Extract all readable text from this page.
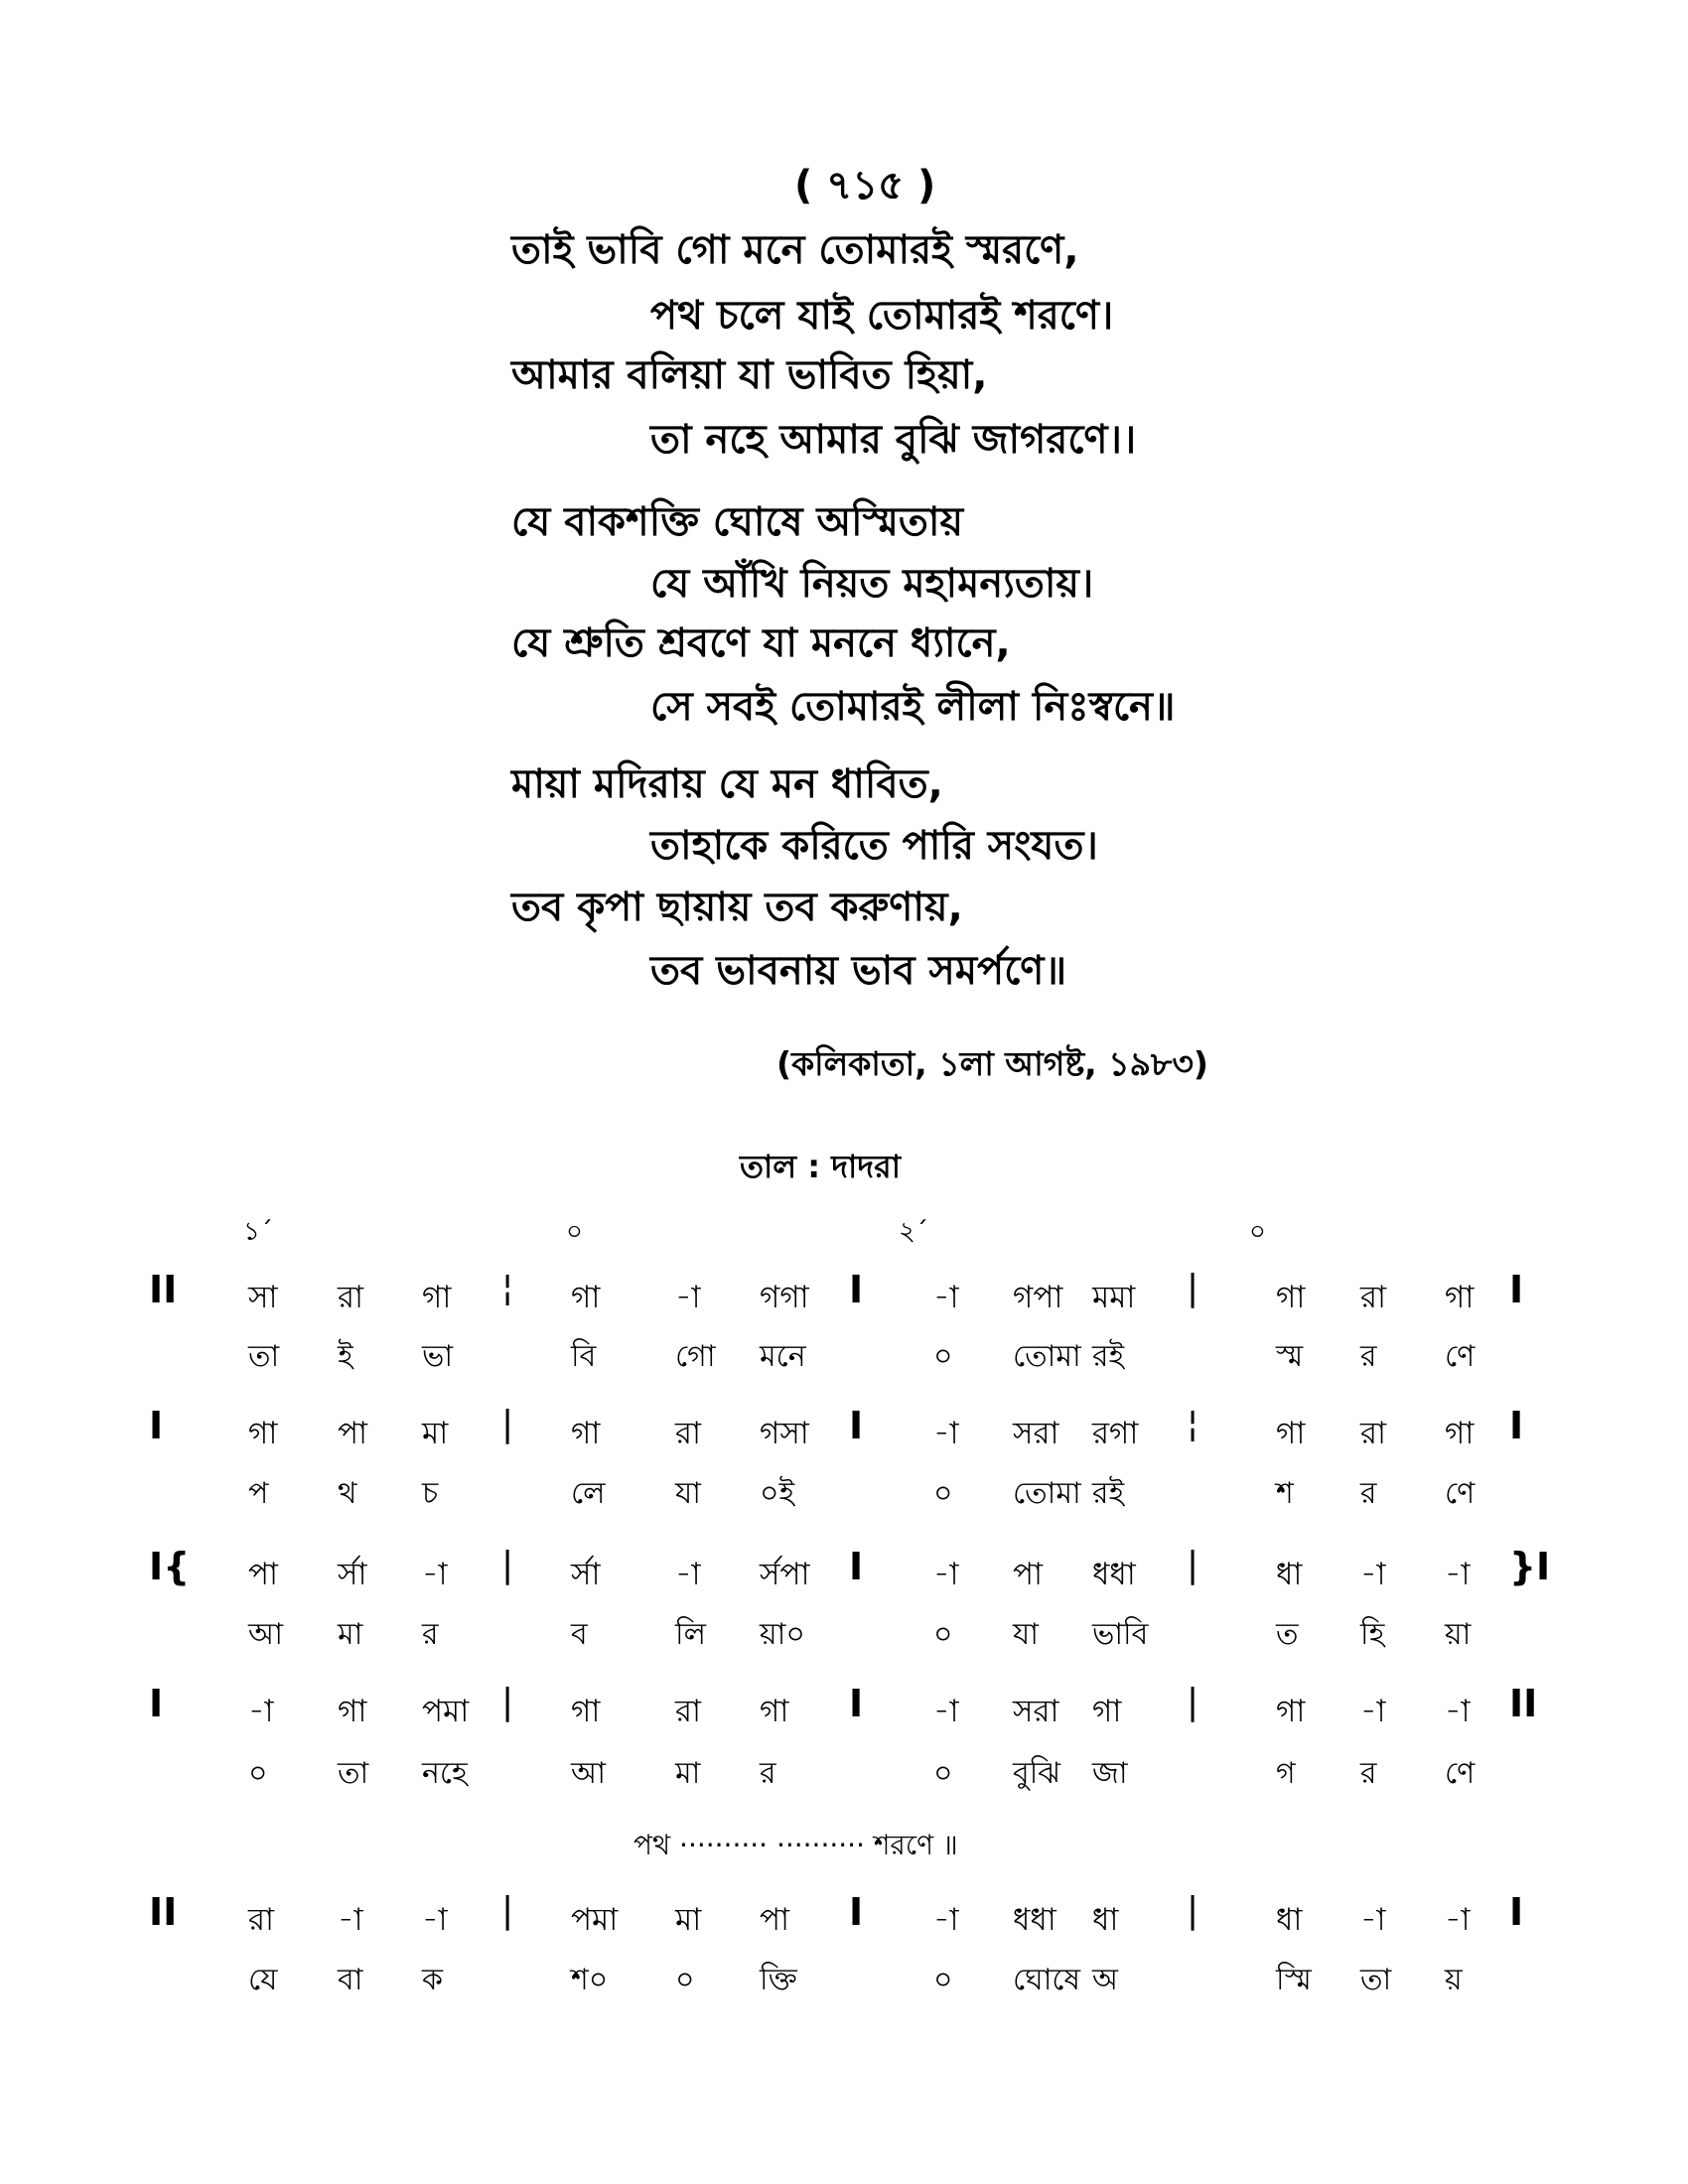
( ৭১৫ )
তাই ভাবি গো মনে তোমারই স্মরণে,
পথ চলে যাই তোমারই শরণে।
আমার বলিয়া যা ভাবিত হিয়া,
তা নহে আমার বুঝি জাগরণে।।
যে বাকশক্তি ঘোষে অস্মিতায়
যে আঁখি নিয়ত মহামন্যতায়।
যে শ্রুতি শ্রবণে যা মননে ধ্যানে,
সে সবই তোমারই লীলা নিঃস্বনে॥
মায়া মদিরায় যে মন ধাবিত,
তাহাকে করিতে পারি সংযত।
তব কৃপা ছায়ায় তব করুণায়,
তব ভাবনায় ভাব সমর্পণে॥
(কলিকাতা, ১লা আগষ্ট, ১৯৮৩)
তাল : দাদরা
১´	০	২´	০
II	¦	I	|	I
সা রা গা	গা -া গগা	-া গপা মমা	গা রা গা
তা ই ভা	বি	গো মনে	০ তোমা রই	স্ম র ণে
I	|	I	¦	I
গা পা মা	গা রা গসা	-া সরা রগা	গা রা গা
প থ চ	লে যা ০ই	০ তোমা রই	শ র ণে
I{	|	I	|	}I
পা র্সা -া	র্সা -া র্সপা	-া পা ধধা	ধা -া -া
আ মা র	ব	লি য়া০	০ যা ভাবি	ত হি য়া
I	|	I	|	II
-া গা পমা	গা রা গা	-া সরা গা	গা -া -া
০ তা নহে	আ মা র	০ বুঝি জা	গ র ণে
II	|	I	|	I
রা -া -া	পমা মা পা	-া ধধা ধা	ধা -া -া
যে বা ক	শ০ ০ ক্তি	০ ঘোষে অ	স্মি তা য়
পথ ·········· ·········· শরণে ॥
